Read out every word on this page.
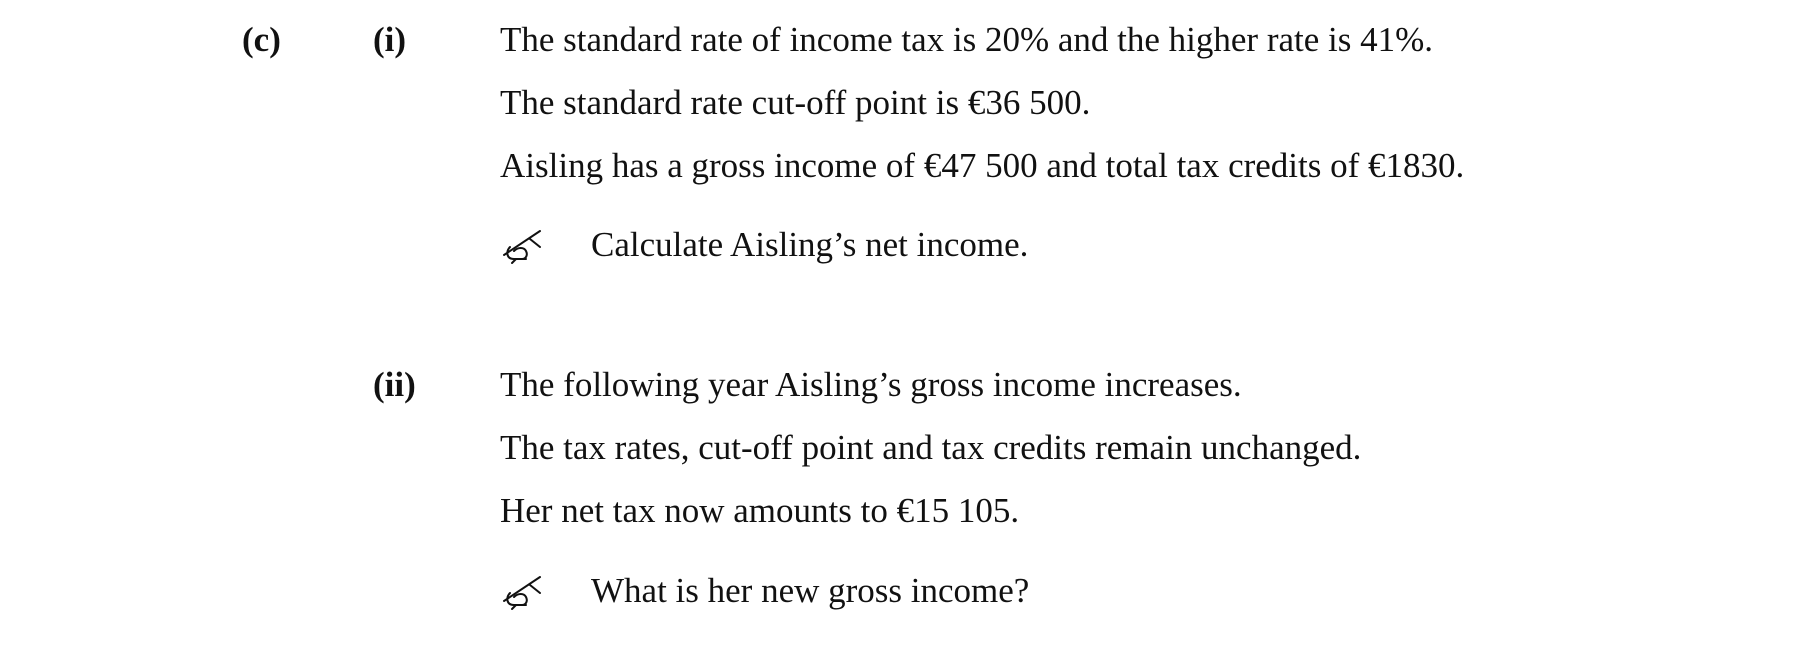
(c)	(i)	The standard rate of income tax is 20% and the higher rate is 41%.
The standard rate cut-off point is €36 500.
Aisling has a gross income of €47 500 and total tax credits of €1830.
Calculate Aisling’s net income.
(ii) The following year Aisling’s gross income increases.
The tax rates, cut-off point and tax credits remain unchanged.
Her net tax now amounts to €15 105.
What is her new gross income?
